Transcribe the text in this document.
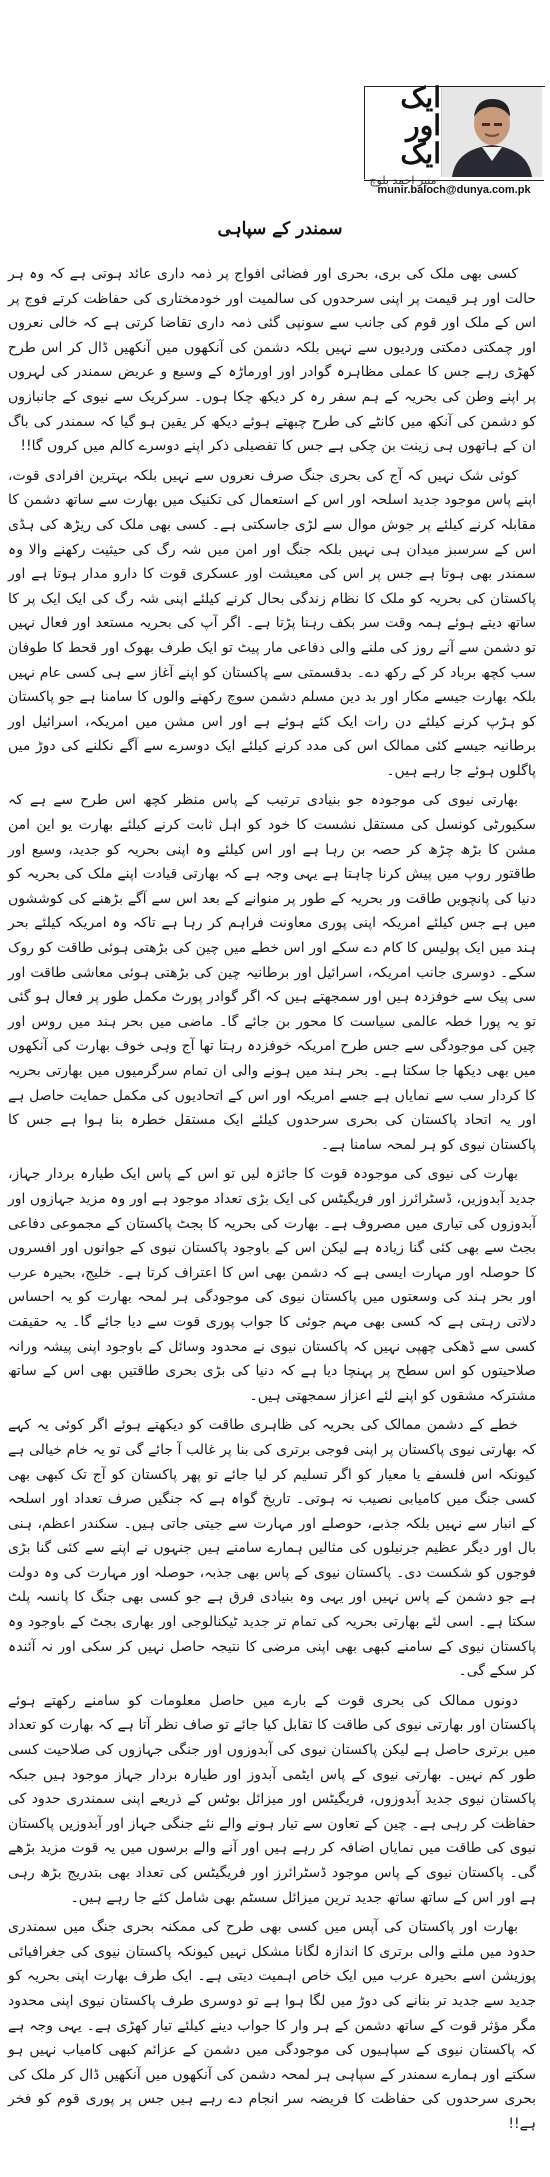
ایک اور ایک
منیر احمد بلوچ
munir.baloch@dunya.com.pk
سمندر کے سپاہی

کسی بھی ملک کی بری، بحری اور فضائی افواج پر ذمہ داری عائد ہوتی ہے کہ وہ ہر حالت اور ہر قیمت پر اپنی سرحدوں کی سالمیت اور خودمختاری کی حفاظت کرتے فوج پر اس کے ملک اور قوم کی جانب سے سونپی گئی ذمہ داری تقاضا کرتی ہے کہ خالی نعروں اور چمکتی دمکتی وردیوں سے نہیں بلکہ دشمن کی آنکھوں میں آنکھیں ڈال کر اس طرح کھڑی رہے جس کا عملی مظاہرہ گوادر اور اورماڑہ کے وسیع و عریض سمندر کی لہروں پر اپنے وطن کی بحریہ کے ہم سفر رہ کر دیکھ چکا ہوں۔ سرکریک سے نیوی کے جانبازوں کو دشمن کی آنکھ میں کانٹے کی طرح چبھتے ہوئے دیکھ کر یقین ہو گیا کہ سمندر کی باگ ان کے ہاتھوں ہی زینت بن چکی ہے جس کا تفصیلی ذکر اپنے دوسرے کالم میں کروں گا!!

کوئی شک نہیں کہ آج کی بحری جنگ صرف نعروں سے نہیں بلکہ بہترین افرادی قوت، اپنے پاس موجود جدید اسلحہ اور اس کے استعمال کی تکنیک میں بھارت سے ساتھ دشمن کا مقابلہ کرنے کیلئے پر جوش موال سے لڑی جاسکتی ہے۔ کسی بھی ملک کی ریڑھ کی ہڈی اس کے سرسبز میدان ہی نہیں بلکہ جنگ اور امن میں شہ رگ کی حیثیت رکھنے والا وہ سمندر بھی ہوتا ہے جس پر اس کی معیشت اور عسکری قوت کا دارو مدار ہوتا ہے اور پاکستان کی بحریہ کو ملک کا نظام زندگی بحال کرنے کیلئے اپنی شہ رگ کی ایک ایک پر کا ساتھ دیتے ہوئے ہمہ وقت سر بکف رہنا پڑتا ہے۔ اگر آپ کی بحریہ مستعد اور فعال نہیں تو دشمن سے آنے روز کی ملنے والی دفاعی مار پیٹ تو ایک طرف بھوک اور قحط کا طوفان سب کچھ برباد کر کے رکھ دے۔ بدقسمتی سے پاکستان کو اپنے آغاز سے ہی کسی عام نہیں بلکہ بھارت جیسے مکار اور بد دین مسلم دشمن سوچ رکھنے والوں کا سامنا ہے جو پاکستان کو ہڑپ کرنے کیلئے دن رات ایک کئے ہوئے ہے اور اس مشن میں امریکہ، اسرائیل اور برطانیہ جیسے کئی ممالک اس کی مدد کرنے کیلئے ایک دوسرے سے آگے نکلنے کی دوڑ میں پاگلوں ہوئے جا رہے ہیں۔

بھارتی نیوی کی موجودہ جو بنیادی ترتیب کے پاس منظر کچھ اس طرح سے ہے کہ سکیورٹی کونسل کی مستقل نشست کا خود کو اہل ثابت کرنے کیلئے بھارت یو این امن مشن کا بڑھ چڑھ کر حصہ بن رہا ہے اور اس کیلئے وہ اپنی بحریہ کو جدید، وسیع اور طاقتور روپ میں پیش کرنا چاہتا ہے یہی وجہ ہے کہ بھارتی قیادت اپنے ملک کی بحریہ کو دنیا کی پانچویں طاقت ور بحریہ کے طور پر منوانے کے بعد اس سے آگے بڑھنے کی کوششوں میں ہے جس کیلئے امریکہ اپنی پوری معاونت فراہم کر رہا ہے تاکہ وہ امریکہ کیلئے بحر ہند میں ایک پولیس کا کام دے سکے اور اس خطے میں چین کی بڑھتی ہوئی طاقت کو روک سکے۔ دوسری جانب امریکہ، اسرائیل اور برطانیہ چین کی بڑھتی ہوئی معاشی طاقت اور سی پیک سے خوفزدہ ہیں اور سمجھتے ہیں کہ اگر گوادر پورٹ مکمل طور پر فعال ہو گئی تو یہ پورا خطہ عالمی سیاست کا محور بن جائے گا۔ ماضی میں بحر ہند میں روس اور چین کی موجودگی سے جس طرح امریکہ خوفزدہ رہتا تھا آج وہی خوف بھارت کی آنکھوں میں بھی دیکھا جا سکتا ہے۔ بحر ہند میں ہونے والی ان تمام سرگرمیوں میں بھارتی بحریہ کا کردار سب سے نمایاں ہے جسے امریکہ اور اس کے اتحادیوں کی مکمل حمایت حاصل ہے اور یہ اتحاد پاکستان کی بحری سرحدوں کیلئے ایک مستقل خطرہ بنا ہوا ہے جس کا پاکستان نیوی کو ہر لمحہ سامنا ہے۔

بھارت کی نیوی کی موجودہ قوت کا جائزہ لیں تو اس کے پاس ایک طیارہ بردار جہاز، جدید آبدوزیں، ڈسٹرائرز اور فریگیٹس کی ایک بڑی تعداد موجود ہے اور وہ مزید جہازوں اور آبدوزوں کی تیاری میں مصروف ہے۔ بھارت کی بحریہ کا بجٹ پاکستان کے مجموعی دفاعی بجٹ سے بھی کئی گنا زیادہ ہے لیکن اس کے باوجود پاکستان نیوی کے جوانوں اور افسروں کا حوصلہ اور مہارت ایسی ہے کہ دشمن بھی اس کا اعتراف کرتا ہے۔ خلیج، بحیرہ عرب اور بحر ہند کی وسعتوں میں پاکستان نیوی کی موجودگی ہر لمحہ بھارت کو یہ احساس دلاتی رہتی ہے کہ کسی بھی مہم جوئی کا جواب پوری قوت سے دیا جائے گا۔ یہ حقیقت کسی سے ڈھکی چھپی نہیں کہ پاکستان نیوی نے محدود وسائل کے باوجود اپنی پیشہ ورانہ صلاحیتوں کو اس سطح پر پہنچا دیا ہے کہ دنیا کی بڑی بحری طاقتیں بھی اس کے ساتھ مشترکہ مشقوں کو اپنے لئے اعزاز سمجھتی ہیں۔

خطے کے دشمن ممالک کی بحریہ کی ظاہری طاقت کو دیکھتے ہوئے اگر کوئی یہ کہے کہ بھارتی نیوی پاکستان پر اپنی فوجی برتری کی بنا پر غالب آ جائے گی تو یہ خام خیالی ہے کیونکہ اس فلسفے یا معیار کو اگر تسلیم کر لیا جائے تو پھر پاکستان کو آج تک کبھی بھی کسی جنگ میں کامیابی نصیب نہ ہوتی۔ تاریخ گواہ ہے کہ جنگیں صرف تعداد اور اسلحہ کے انبار سے نہیں بلکہ جذبے، حوصلے اور مہارت سے جیتی جاتی ہیں۔ سکندر اعظم، ہنی بال اور دیگر عظیم جرنیلوں کی مثالیں ہمارے سامنے ہیں جنہوں نے اپنے سے کئی گنا بڑی فوجوں کو شکست دی۔ پاکستان نیوی کے پاس بھی جذبہ، حوصلہ اور مہارت کی وہ دولت ہے جو دشمن کے پاس نہیں اور یہی وہ بنیادی فرق ہے جو کسی بھی جنگ کا پانسہ پلٹ سکتا ہے۔ اسی لئے بھارتی بحریہ کی تمام تر جدید ٹیکنالوجی اور بھاری بجٹ کے باوجود وہ پاکستان نیوی کے سامنے کبھی بھی اپنی مرضی کا نتیجہ حاصل نہیں کر سکی اور نہ آئندہ کر سکے گی۔

دونوں ممالک کی بحری قوت کے بارے میں حاصل معلومات کو سامنے رکھتے ہوئے پاکستان اور بھارتی نیوی کی طاقت کا تقابل کیا جائے تو صاف نظر آتا ہے کہ بھارت کو تعداد میں برتری حاصل ہے لیکن پاکستان نیوی کی آبدوزوں اور جنگی جہازوں کی صلاحیت کسی طور کم نہیں۔ بھارتی نیوی کے پاس ایٹمی آبدوز اور طیارہ بردار جہاز موجود ہیں جبکہ پاکستان نیوی جدید آبدوزوں، فریگیٹس اور میزائل بوٹس کے ذریعے اپنی سمندری حدود کی حفاظت کر رہی ہے۔ چین کے تعاون سے تیار ہونے والے نئے جنگی جہاز اور آبدوزیں پاکستان نیوی کی طاقت میں نمایاں اضافہ کر رہے ہیں اور آنے والے برسوں میں یہ قوت مزید بڑھے گی۔ پاکستان نیوی کے پاس موجود ڈسٹرائرز اور فریگیٹس کی تعداد بھی بتدریج بڑھ رہی ہے اور اس کے ساتھ ساتھ جدید ترین میزائل سسٹم بھی شامل کئے جا رہے ہیں۔

بھارت اور پاکستان کی آپس میں کسی بھی طرح کی ممکنہ بحری جنگ میں سمندری حدود میں ملنے والی برتری کا اندازہ لگانا مشکل نہیں کیونکہ پاکستان نیوی کی جغرافیائی پوزیشن اسے بحیرہ عرب میں ایک خاص اہمیت دیتی ہے۔ ایک طرف بھارت اپنی بحریہ کو جدید سے جدید تر بنانے کی دوڑ میں لگا ہوا ہے تو دوسری طرف پاکستان نیوی اپنی محدود مگر مؤثر قوت کے ساتھ دشمن کے ہر وار کا جواب دینے کیلئے تیار کھڑی ہے۔ یہی وجہ ہے کہ پاکستان نیوی کے سپاہیوں کی موجودگی میں دشمن کے عزائم کبھی کامیاب نہیں ہو سکتے اور ہمارے سمندر کے سپاہی ہر لمحہ دشمن کی آنکھوں میں آنکھیں ڈال کر ملک کی بحری سرحدوں کی حفاظت کا فریضہ سر انجام دے رہے ہیں جس پر پوری قوم کو فخر ہے!!
